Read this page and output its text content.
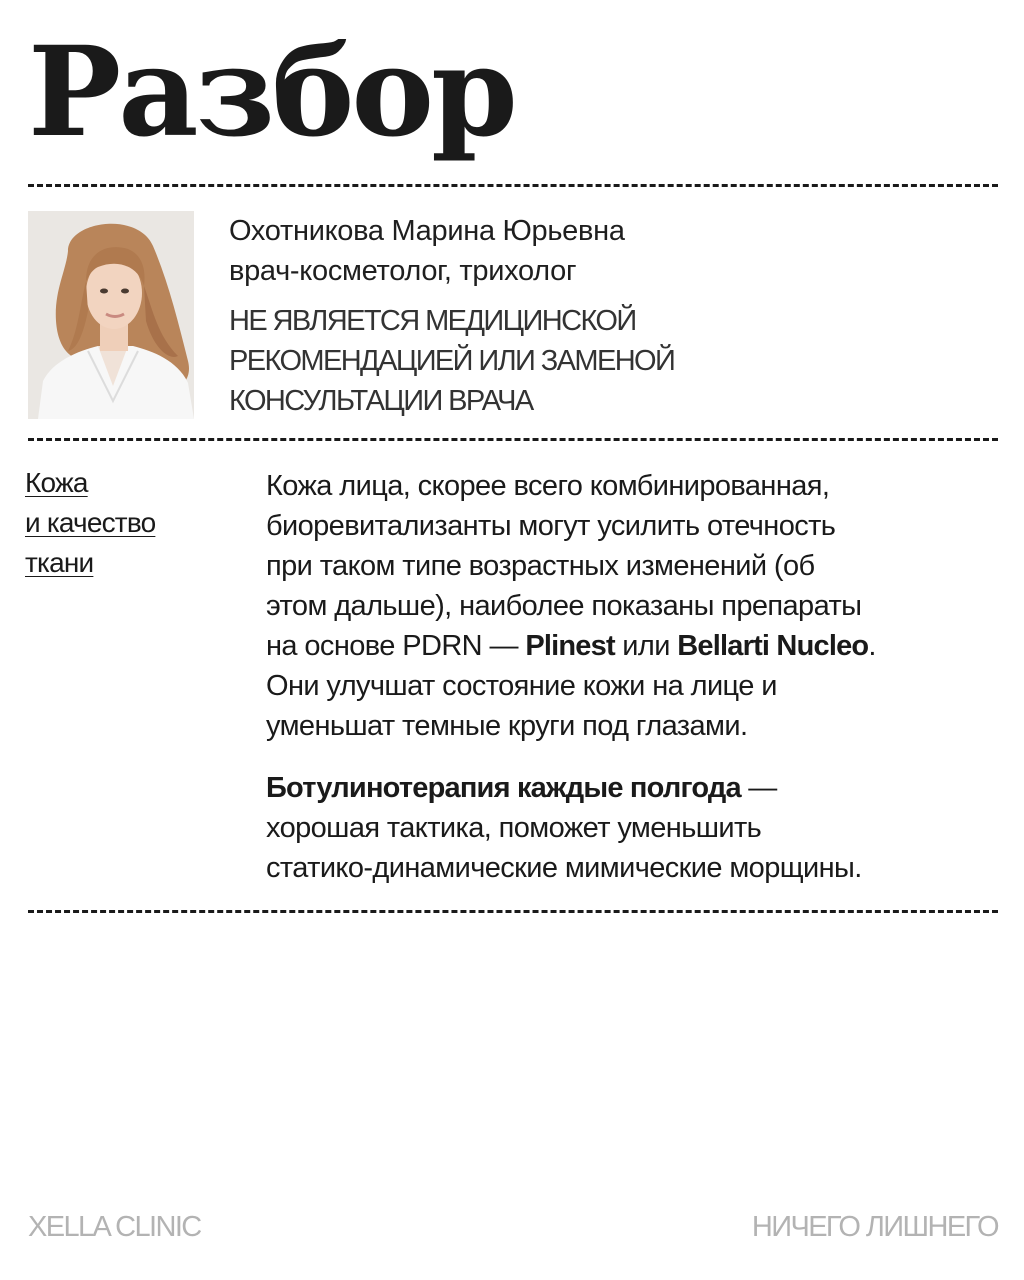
Разбор
Охотникова Марина Юрьевна
врач-косметолог, трихолог
НЕ ЯВЛЯЕТСЯ МЕДИЦИНСКОЙ
РЕКОМЕНДАЦИЕЙ ИЛИ ЗАМЕНОЙ
КОНСУЛЬТАЦИИ ВРАЧА
Кожа
и качество
ткани

Кожа лица, скорее всего комбинированная,
биоревитализанты могут усилить отечность
при таком типе возрастных изменений (об
этом дальше), наиболее показаны препараты
на основе PDRN — Plinest или Bellarti Nucleo.
Они улучшат состояние кожи на лице и
уменьшат темные круги под глазами.

Ботулинотерапия каждые полгода —
хорошая тактика, поможет уменьшить
статико-динамические мимические морщины.

XELLA CLINIC	НИЧЕГО ЛИШНЕГО
